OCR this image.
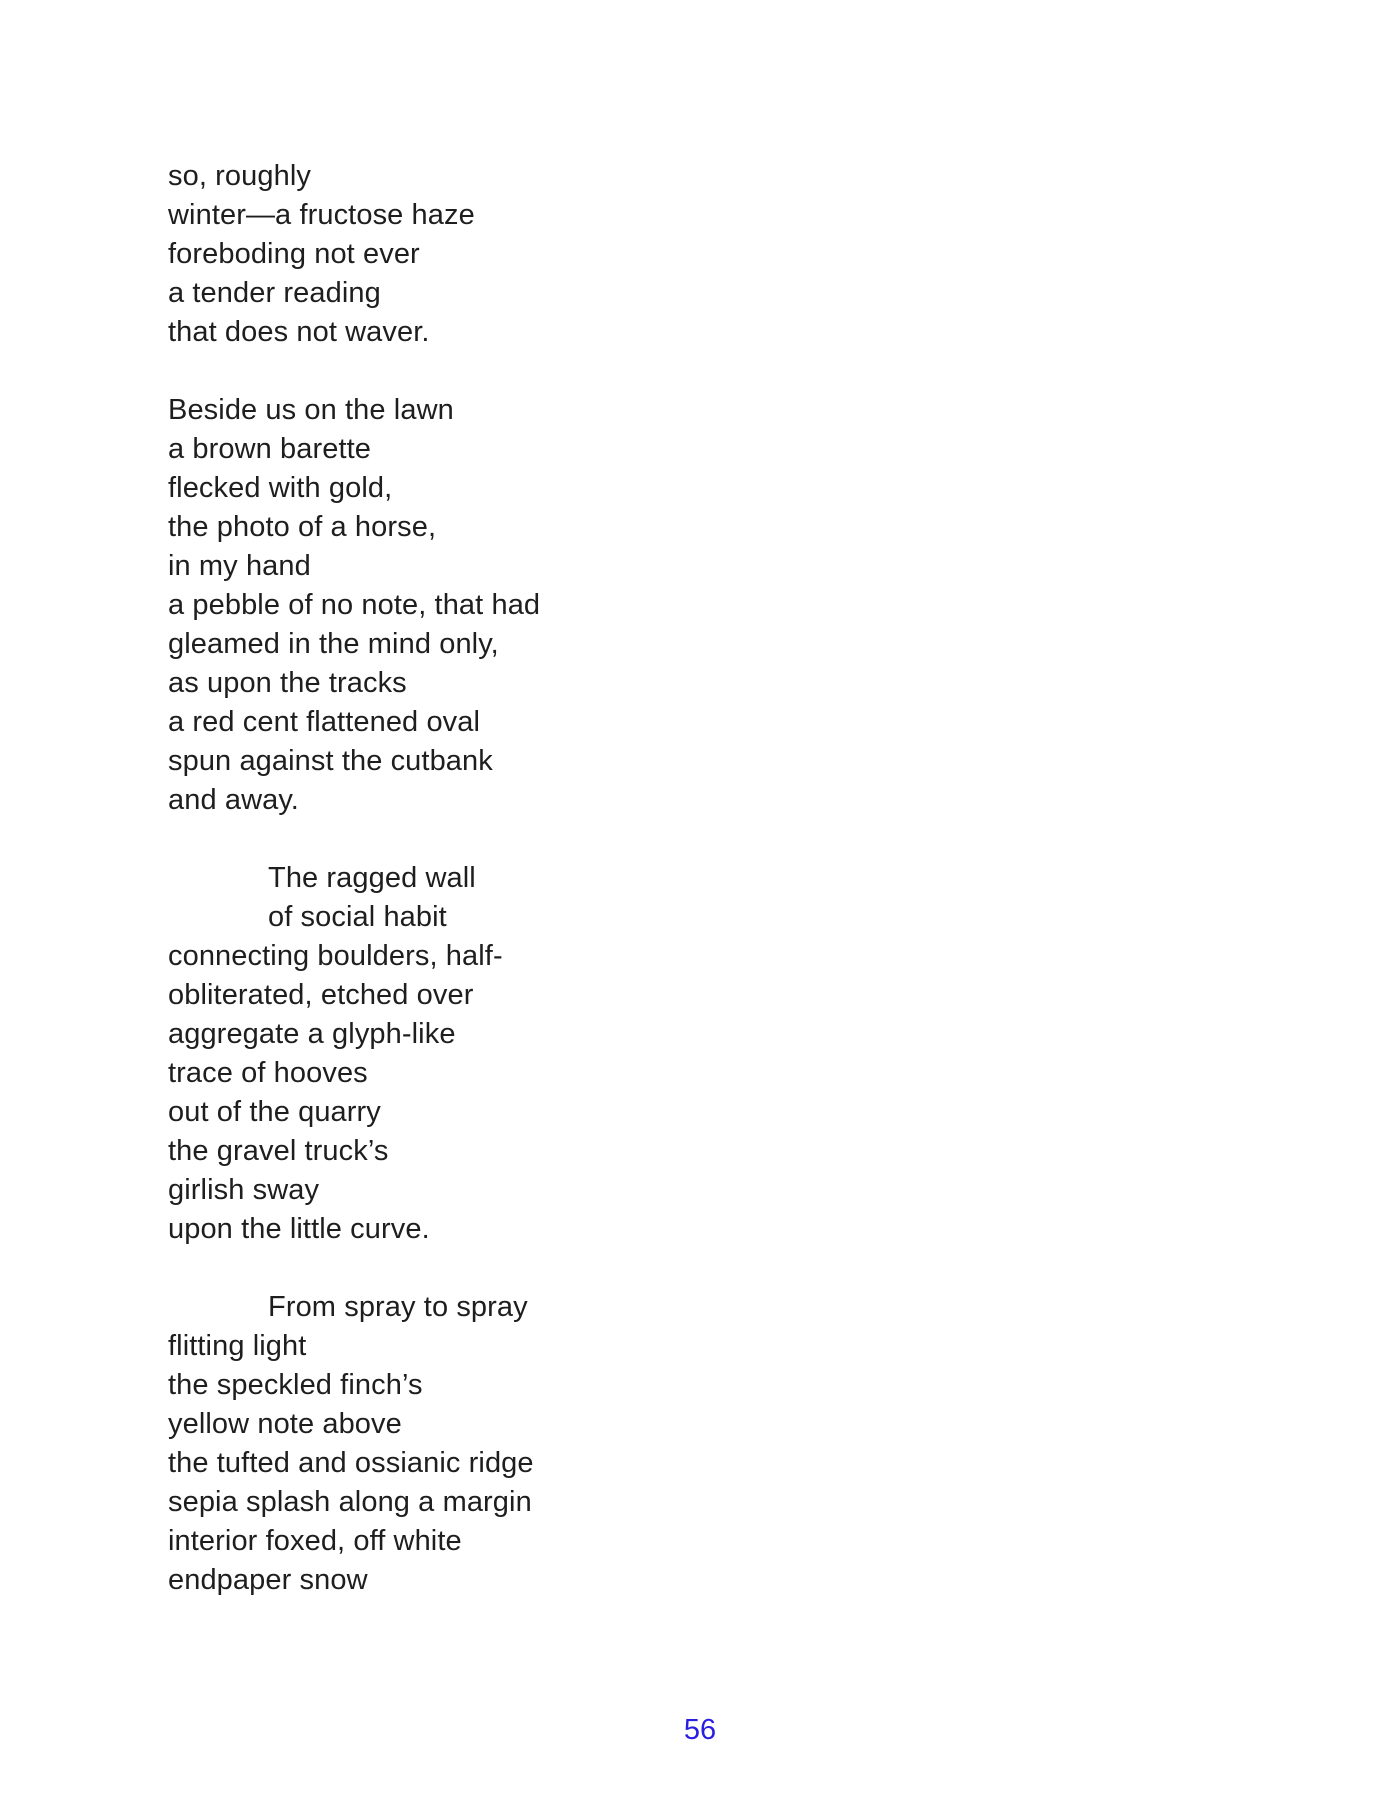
so, roughly
winter—a fructose haze
foreboding not ever
a tender reading
that does not waver.
Beside us on the lawn
a brown barette
flecked with gold,
the photo of a horse,
in my hand
a pebble of no note, that had
gleamed in the mind only,
as upon the tracks
a red cent flattened oval
spun against the cutbank
and away.
The ragged wall
of social habit
connecting boulders, half-
obliterated, etched over
aggregate a glyph-like
trace of hooves
out of the quarry
the gravel truck’s
girlish sway
upon the little curve.
From spray to spray
flitting light
the speckled finch’s
yellow note above
the tufted and ossianic ridge
sepia splash along a margin
interior foxed, off white
endpaper snow
56
